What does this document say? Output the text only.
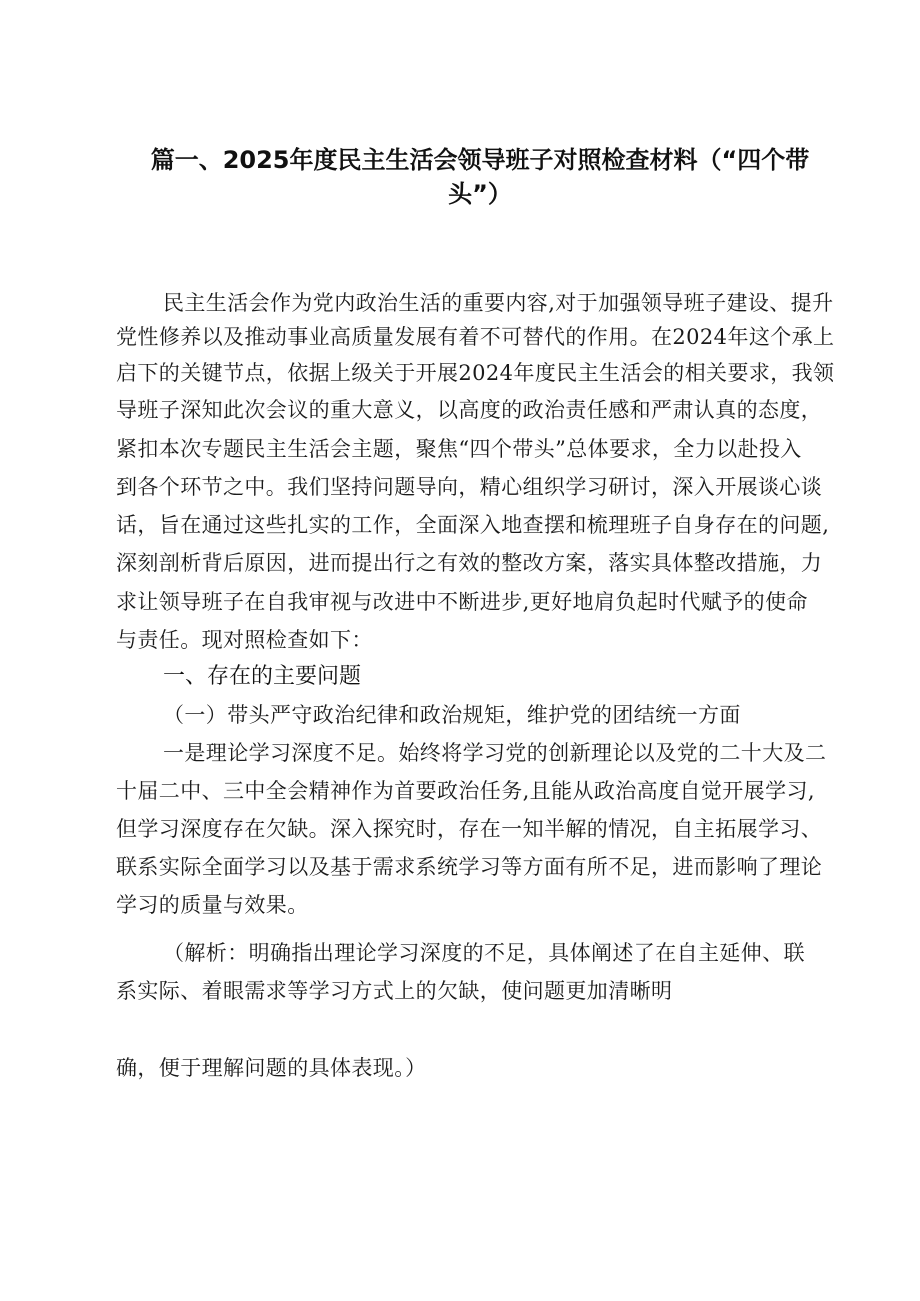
篇一、2025年度民主生活会领导班子对照检查材料（“四个带
头”）
民主生活会作为党内政治生活的重要内容,对于加强领导班子建设、提升
党性修养以及推动事业高质量发展有着不可替代的作用。在2024年这个承上
启下的关键节点，依据上级关于开展2024年度民主生活会的相关要求，我领
导班子深知此次会议的重大意义，以高度的政治责任感和严肃认真的态度，
紧扣本次专题民主生活会主题，聚焦“四个带头”总体要求，全力以赴投入
到各个环节之中。我们坚持问题导向，精心组织学习研讨，深入开展谈心谈
话，旨在通过这些扎实的工作，全面深入地查摆和梳理班子自身存在的问题,
深刻剖析背后原因，进而提出行之有效的整改方案，落实具体整改措施，力
求让领导班子在自我审视与改进中不断进步,更好地肩负起时代赋予的使命
与责任。现对照检查如下：
一、存在的主要问题
（一）带头严守政治纪律和政治规矩，维护党的团结统一方面
一是理论学习深度不足。始终将学习党的创新理论以及党的二十大及二
十届二中、三中全会精神作为首要政治任务,且能从政治高度自觉开展学习,
但学习深度存在欠缺。深入探究时，存在一知半解的情况，自主拓展学习、
联系实际全面学习以及基于需求系统学习等方面有所不足，进而影响了理论
学习的质量与效果。
（解析：明确指出理论学习深度的不足，具体阐述了在自主延伸、联
系实际、着眼需求等学习方式上的欠缺，使问题更加清晰明
确，便于理解问题的具体表现。）
